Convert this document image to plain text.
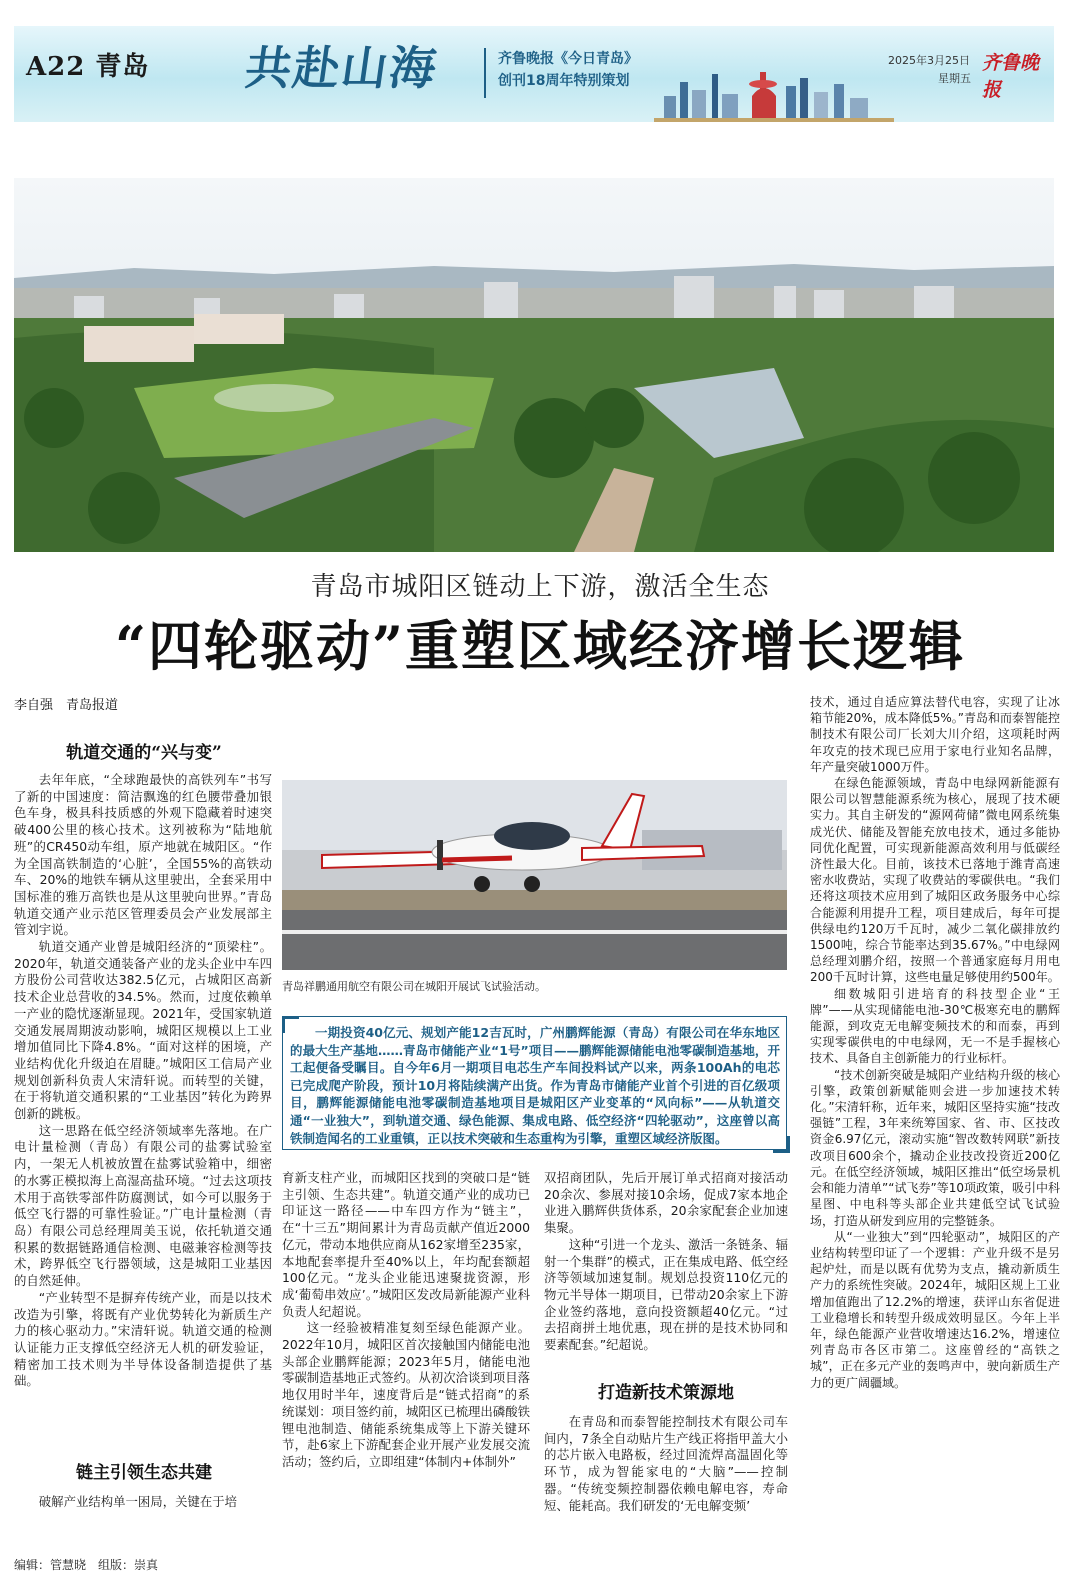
A22 青岛 共赴山海	齐鲁晚报《今日青岛》
创刊18周年特别策划
2025年3月25日
星期五
齐鲁晚报
青岛市城阳区链动上下游，激活全生态
“四轮驱动”重塑区域经济增长逻辑
李自强　青岛报道
轨道交通的“兴与变”

去年年底，“全球跑最快的高铁列车”书写了新的中国速度：简洁飘逸的红色腰带叠加银色车身，极具科技质感的外观下隐藏着时速突破400公里的核心技术。这列被称为“陆地航班”的CR450动车组，原产地就在城阳区。“作为全国高铁制造的‘心脏’，全国55%的高铁动车、20%的地铁车辆从这里驶出，全套采用中国标准的雅万高铁也是从这里驶向世界。”青岛轨道交通产业示范区管理委员会产业发展部主管刘宇说。

轨道交通产业曾是城阳经济的“顶梁柱”。2020年，轨道交通装备产业的龙头企业中车四方股份公司营收达382.5亿元，占城阳区高新技术企业总营收的34.5%。然而，过度依赖单一产业的隐忧逐渐显现。2021年，受国家轨道交通发展周期波动影响，城阳区规模以上工业增加值同比下降4.8%。“面对这样的困境，产业结构优化升级迫在眉睫。”城阳区工信局产业规划创新科负责人宋清轩说。而转型的关键，在于将轨道交通积累的“工业基因”转化为跨界创新的跳板。

这一思路在低空经济领域率先落地。在广电计量检测（青岛）有限公司的盐雾试验室内，一架无人机被放置在盐雾试验箱中，细密的水雾正模拟海上高湿高盐环境。“过去这项技术用于高铁零部件防腐测试，如今可以服务于低空飞行器的可靠性验证。”广电计量检测（青岛）有限公司总经理周美玉说，依托轨道交通积累的数据链路通信检测、电磁兼容检测等技术，跨界低空飞行器领域，这是城阳工业基因的自然延伸。

“产业转型不是摒弃传统产业，而是以技术改造为引擎，将既有产业优势转化为新质生产力的核心驱动力。”宋清轩说。轨道交通的检测认证能力正支撑低空经济无人机的研发验证，精密加工技术则为半导体设备制造提供了基础。

链主引领生态共建

破解产业结构单一困局，关键在于培

青岛祥鹏通用航空有限公司在城阳开展试飞试验活动。
一期投资40亿元、规划产能12吉瓦时，广州鹏辉能源（青岛）有限公司在华东地区的最大生产基地……青岛市储能产业“1号”项目——鹏辉能源储能电池零碳制造基地，开工起便备受瞩目。自今年6月一期项目电芯生产车间投料试产以来，两条100Ah的电芯已完成爬产阶段，预计10月将陆续满产出货。作为青岛市储能产业首个引进的百亿级项目，鹏辉能源储能电池零碳制造基地项目是城阳区产业变革的“风向标”——从轨道交通“一业独大”，到轨道交通、绿色能源、集成电路、低空经济“四轮驱动”，这座曾以高铁制造闻名的工业重镇，正以技术突破和生态重构为引擎，重塑区域经济版图。

育新支柱产业，而城阳区找到的突破口是“链主引领、生态共建”。轨道交通产业的成功已印证这一路径——中车四方作为“链主”，在“十三五”期间累计为青岛贡献产值近2000亿元，带动本地供应商从162家增至235家，本地配套率提升至40%以上，年均配套额超100亿元。“龙头企业能迅速聚拢资源，形成‘葡萄串效应’。”城阳区发改局新能源产业科负责人纪超说。

这一经验被精准复刻至绿色能源产业。2022年10月，城阳区首次接触国内储能电池头部企业鹏辉能源；2023年5月，储能电池零碳制造基地正式签约。从初次洽谈到项目落地仅用时半年，速度背后是“链式招商”的系统谋划：项目签约前，城阳区已梳理出磷酸铁锂电池制造、储能系统集成等上下游关键环节，赴6家上下游配套企业开展产业发展交流活动；签约后，立即组建“体制内+体制外”

双招商团队，先后开展订单式招商对接活动20余次、参展对接10余场，促成7家本地企业进入鹏辉供货体系，20余家配套企业加速集聚。

这种“引进一个龙头、激活一条链条、辐射一个集群”的模式，正在集成电路、低空经济等领域加速复制。规划总投资110亿元的物元半导体一期项目，已带动20余家上下游企业签约落地，意向投资额超40亿元。“过去招商拼土地优惠，现在拼的是技术协同和要素配套。”纪超说。

打造新技术策源地

在青岛和而泰智能控制技术有限公司车间内，7条全自动贴片生产线正将指甲盖大小的芯片嵌入电路板，经过回流焊高温固化等环节，成为智能家电的“大脑”——控制器。“传统变频控制器依赖电解电容，寿命短、能耗高。我们研发的‘无电解变频’

技术，通过自适应算法替代电容，实现了让冰箱节能20%，成本降低5%。”青岛和而泰智能控制技术有限公司厂长刘大川介绍，这项耗时两年攻克的技术现已应用于家电行业知名品牌，年产量突破1000万件。

在绿色能源领域，青岛中电绿网新能源有限公司以智慧能源系统为核心，展现了技术硬实力。其自主研发的“源网荷储”微电网系统集成光伏、储能及智能充放电技术，通过多能协同优化配置，可实现新能源高效利用与低碳经济性最大化。目前，该技术已落地于潍青高速密水收费站，实现了收费站的零碳供电。“我们还将这项技术应用到了城阳区政务服务中心综合能源利用提升工程，项目建成后，每年可提供绿电约120万千瓦时，减少二氧化碳排放约1500吨，综合节能率达到35.67%。”中电绿网总经理刘鹏介绍，按照一个普通家庭每月用电200千瓦时计算，这些电量足够使用约500年。

细数城阳引进培育的科技型企业“王牌”——从实现储能电池-30℃极寒充电的鹏辉能源，到攻克无电解变频技术的和而泰，再到实现零碳供电的中电绿网，无一不是手握核心技术、具备自主创新能力的行业标杆。

“技术创新突破是城阳产业结构升级的核心引擎，政策创新赋能则会进一步加速技术转化。”宋清轩称，近年来，城阳区坚持实施“技改强链”工程，3年来统筹国家、省、市、区技改资金6.97亿元，滚动实施“智改数转网联”新技改项目600余个，撬动企业技改投资近200亿元。在低空经济领域，城阳区推出“低空场景机会和能力清单”“试飞券”等10项政策，吸引中科星图、中电科等头部企业共建低空试飞试验场，打造从研发到应用的完整链条。

从“一业独大”到“四轮驱动”，城阳区的产业结构转型印证了一个逻辑：产业升级不是另起炉灶，而是以既有优势为支点，撬动新质生产力的系统性突破。2024年，城阳区规上工业增加值跑出了12.2%的增速，获评山东省促进工业稳增长和转型升级成效明显区。今年上半年，绿色能源产业营收增速达16.2%，增速位列青岛市各区市第二。这座曾经的“高铁之城”，正在多元产业的轰鸣声中，驶向新质生产力的更广阔疆域。

编辑：管慧晓　组版：崇真
